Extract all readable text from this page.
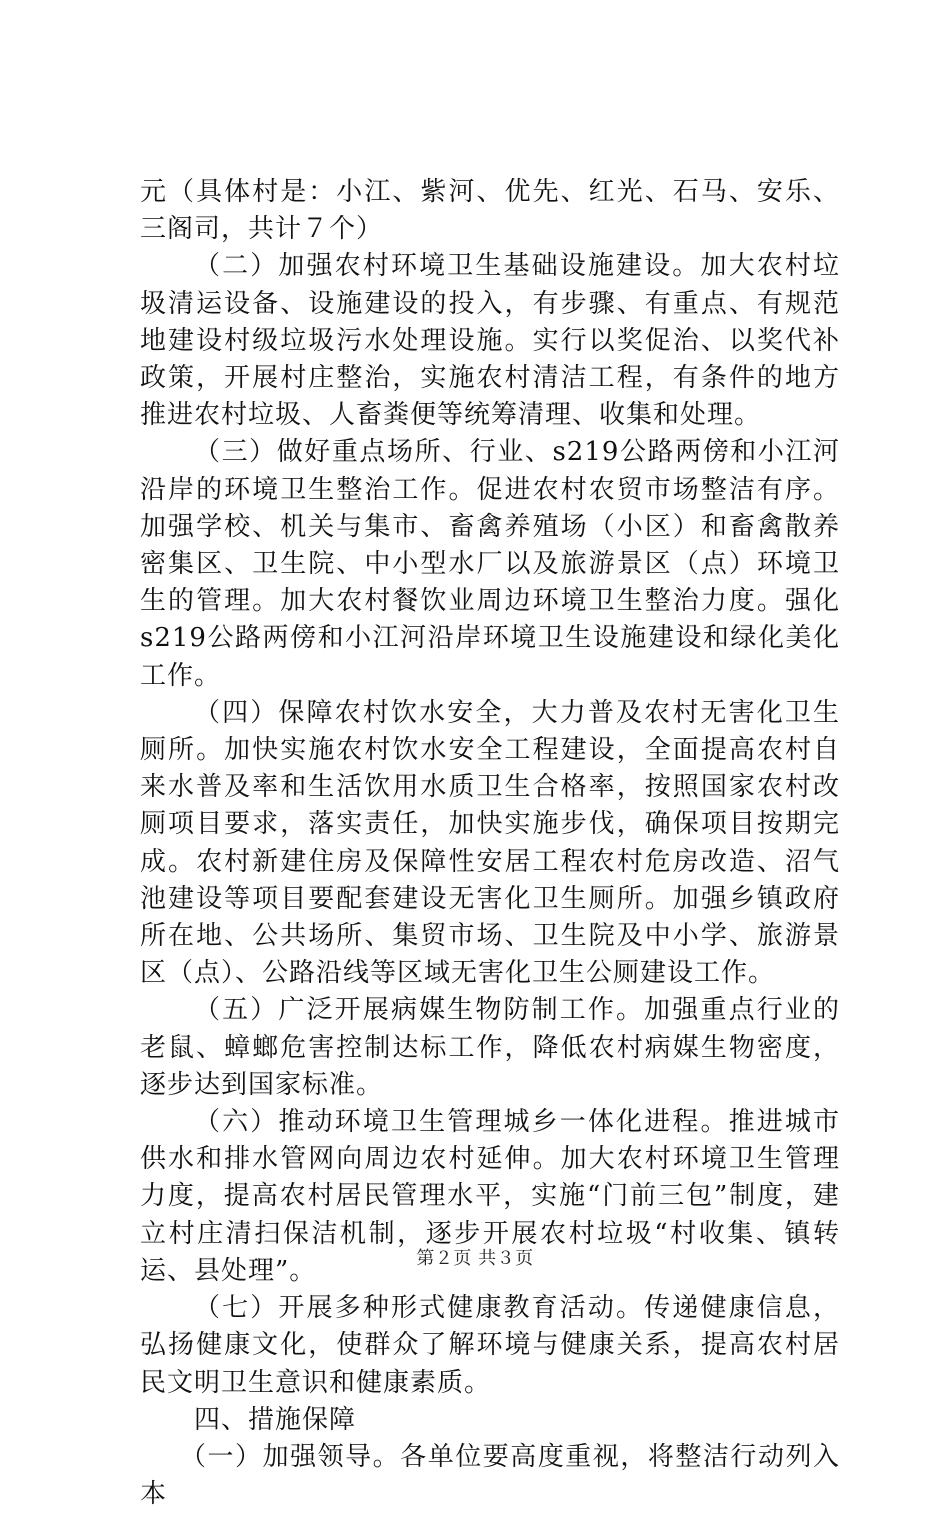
元（具体村是：小江、紫河、优先、红光、石马、安乐、三阁司，共计７个）

（二）加强农村环境卫生基础设施建设。加大农村垃圾清运设备、设施建设的投入，有步骤、有重点、有规范地建设村级垃圾污水处理设施。实行以奖促治、以奖代补政策，开展村庄整治，实施农村清洁工程，有条件的地方推进农村垃圾、人畜粪便等统筹清理、收集和处理。

（三）做好重点场所、行业、s219公路两傍和小江河沿岸的环境卫生整治工作。促进农村农贸市场整洁有序。加强学校、机关与集市、畜禽养殖场（小区）和畜禽散养密集区、卫生院、中小型水厂以及旅游景区（点）环境卫生的管理。加大农村餐饮业周边环境卫生整治力度。强化s219公路两傍和小江河沿岸环境卫生设施建设和绿化美化工作。

（四）保障农村饮水安全，大力普及农村无害化卫生厕所。加快实施农村饮水安全工程建设，全面提高农村自来水普及率和生活饮用水质卫生合格率，按照国家农村改厕项目要求，落实责任，加快实施步伐，确保项目按期完成。农村新建住房及保障性安居工程农村危房改造、沼气池建设等项目要配套建设无害化卫生厕所。加强乡镇政府所在地、公共场所、集贸市场、卫生院及中小学、旅游景区（点）、公路沿线等区域无害化卫生公厕建设工作。

（五）广泛开展病媒生物防制工作。加强重点行业的老鼠、蟑螂危害控制达标工作，降低农村病媒生物密度，逐步达到国家标准。

（六）推动环境卫生管理城乡一体化进程。推进城市供水和排水管网向周边农村延伸。加大农村环境卫生管理力度，提高农村居民管理水平，实施“门前三包”制度，建立村庄清扫保洁机制，逐步开展农村垃圾“村收集、镇转运、县处理”。

（七）开展多种形式健康教育活动。传递健康信息，弘扬健康文化，使群众了解环境与健康关系，提高农村居民文明卫生意识和健康素质。

四、措施保障

（一）加强领导。各单位要高度重视，将整洁行动列入本

第２页 共３页
